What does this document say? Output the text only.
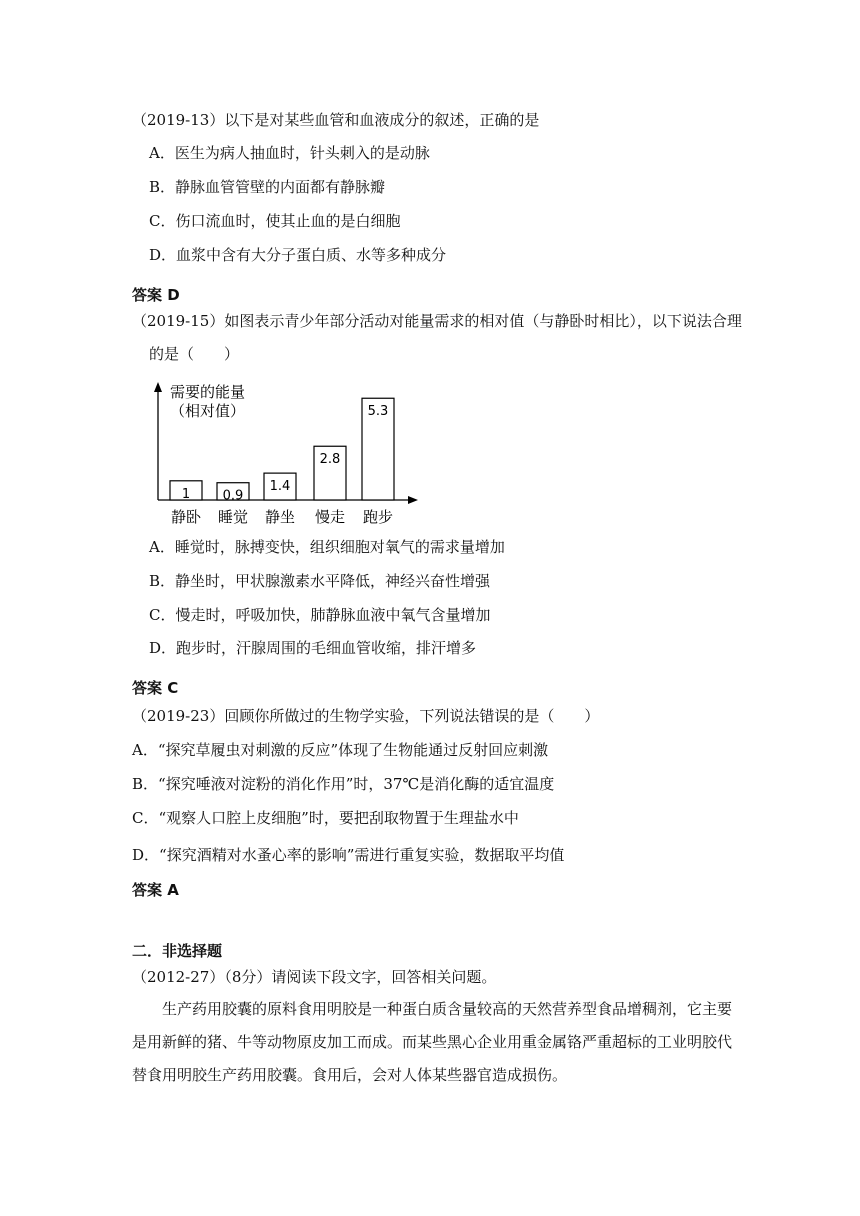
（2019-13）以下是对某些血管和血液成分的叙述，正确的是
A．医生为病人抽血时，针头刺入的是动脉
B．静脉血管管壁的内面都有静脉瓣
C．伤口流血时，使其止血的是白细胞
D．血浆中含有大分子蛋白质、水等多种成分
答案 D
（2019-15）如图表示青少年部分活动对能量需求的相对值（与静卧时相比），以下说法合理
的是（　　）
需要的能量
（相对值）
1
静卧
0.9
睡觉
1.4
静坐
2.8
慢走
5.3
跑步
A．睡觉时，脉搏变快，组织细胞对氧气的需求量增加
B．静坐时，甲状腺激素水平降低，神经兴奋性增强
C．慢走时，呼吸加快，肺静脉血液中氧气含量增加
D．跑步时，汗腺周围的毛细血管收缩，排汗增多
答案 C
（2019-23）回顾你所做过的生物学实验，下列说法错误的是（　　）
A．“探究草履虫对刺激的反应”体现了生物能通过反射回应刺激
B．“探究唾液对淀粉的消化作用”时，37℃是消化酶的适宜温度
C．“观察人口腔上皮细胞”时，要把刮取物置于生理盐水中
D．“探究酒精对水蚤心率的影响”需进行重复实验，数据取平均值
答案 A
二．非选择题
（2012-27）（8分）请阅读下段文字，回答相关问题。
生产药用胶囊的原料食用明胶是一种蛋白质含量较高的天然营养型食品增稠剂，它主要是用新鲜的猪、牛等动物原皮加工而成。而某些黑心企业用重金属铬严重超标的工业明胶代替食用明胶生产药用胶囊。食用后，会对人体某些器官造成损伤。
